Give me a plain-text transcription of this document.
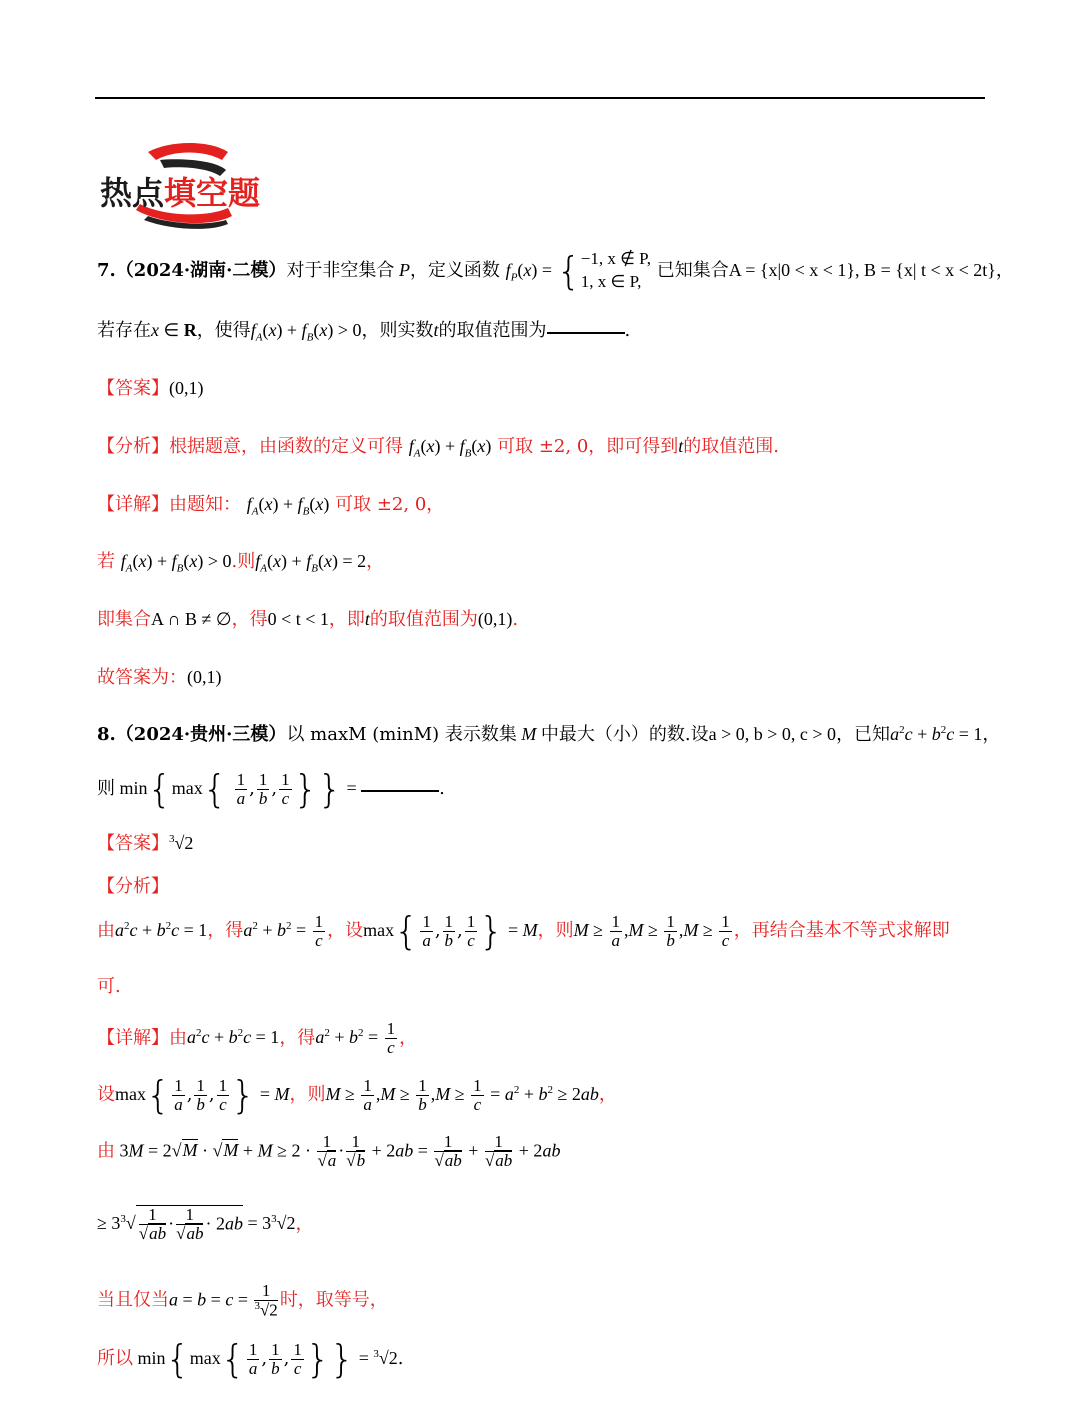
热点 填空题
7.（2024·湖南·二模）对于非空集合 P，定义函数 $f_P(x) = \{-1$, x ∉ P,
1, x ∈ P, 已知集合A = {x|0 < x < 1}, B = {x| t < x < 2t}，
若存在x ∈ R，使得$f_A(x) + f_B(x) > 0$，则实数t的取值范围为	.
【答案】(0,1)
【分析】根据题意，由函数的定义可得 $f_A(x) + f_B(x)$ 可取 ±2, 0，即可得到t的取值范围.
【详解】由题知： $f_A(x) + f_B(x)$ 可取 ±2, 0，
若 $f_A(x) + f_B(x) > 0$.则$f_A(x) + f_B(x) = 2$，
即集合A ∩ B ≠ ∅，得0 < t < 1，即t的取值范围为(0,1).
故答案为：(0,1)
8.（2024·贵州·三模）以 maxM (minM) 表示数集 M 中最大（小）的数.设a > 0, b > 0, c > 0，已知$a^2c + b^2c = 1$，
则 $\min\{\max\{ \frac{1}{a}$ , $\frac{1}{b}$ , $\frac{1}{c}$ }} =	.
【答案】$^3$√2
【分析】
由$a^2c + b^2c = 1$，得$a^2 + b^2 = \frac{1}{c}$ ，设$\max\{ \frac{1}{a}$ , $\frac{1}{b}$ , $\frac{1}{c}$ } = M，则$M \ge \frac{1}{a} ,M \ge \frac{1}{b} ,M \ge \frac{1}{c}$ ，再结合基本不等式求解即
可.
【详解】由$a^2c + b^2c = 1$，得$a^2 + b^2 = \frac{1}{c}$ ，
设$\max\{ \frac{1}{a}$ , $\frac{1}{b}$ , $\frac{1}{c}$ } = M，则$M \ge \frac{1}{a} ,M \ge \frac{1}{b} ,M \ge \frac{1}{c} = a^2 + b^2 \ge 2ab$，
由 $3M = 2√M \cdot √M + M \ge 2 \cdot \frac{1}{√a} \cdot \frac{1}{√b} + 2ab = \frac{1}{√ab} + \frac{1}{√ab} + 2ab$
≥ $3^3√ \frac{1}{√ab} \cdot \frac{1}{√ab} \cdot 2ab = 3^3√2$，
当且仅当$a = b = c = \frac{1}{^3√2}$ 时，取等号，
所以 $\min\{\max\{ \frac{1}{a}$ , $\frac{1}{b}$ , $\frac{1}{c}$ }} = $^3$√2.
